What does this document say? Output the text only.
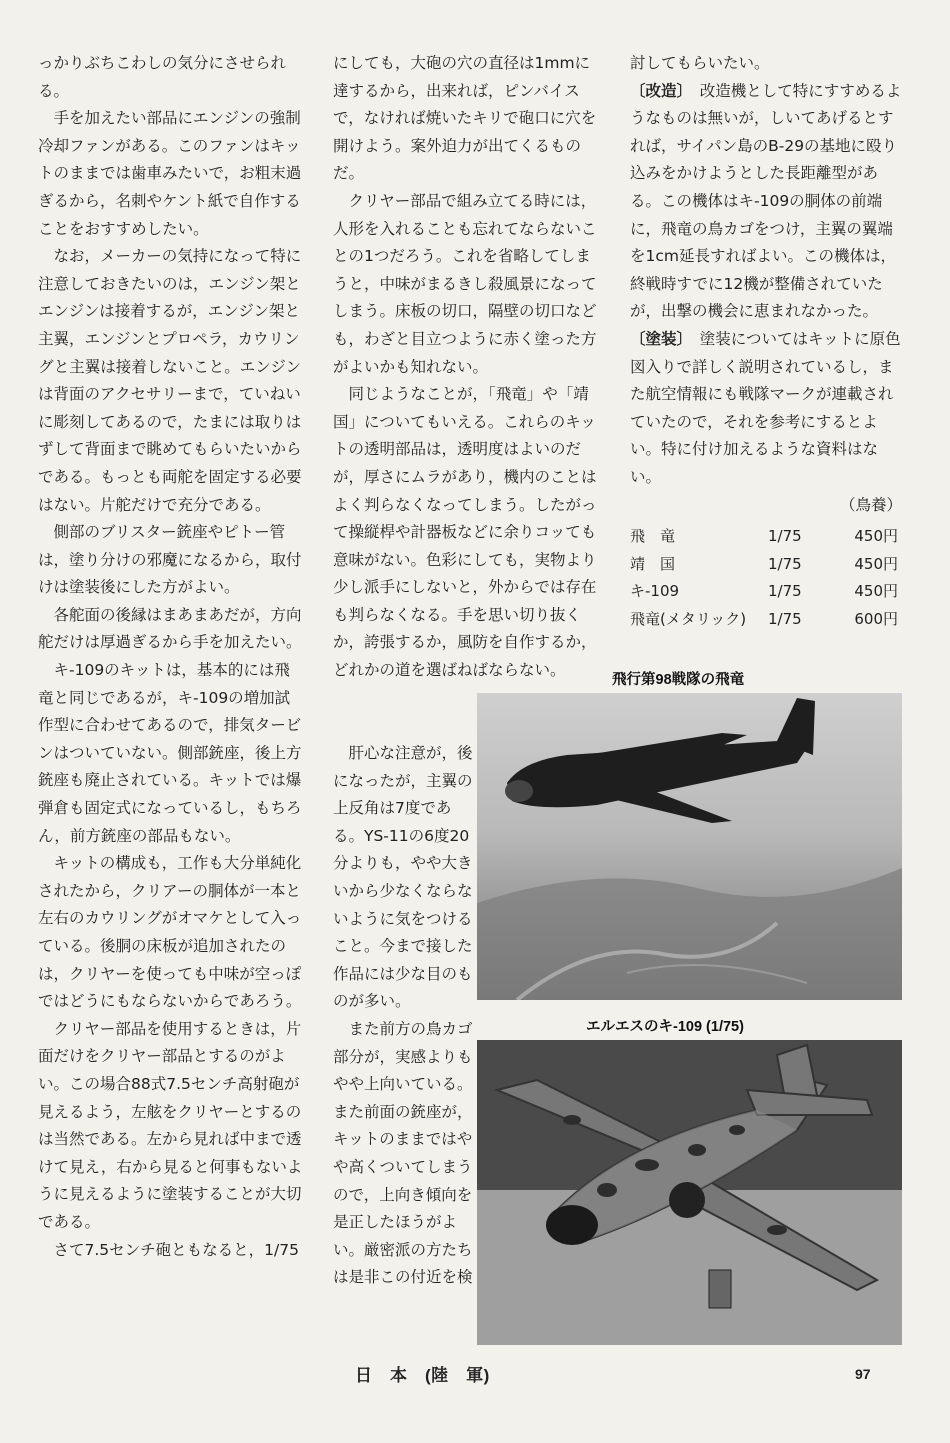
っかりぶちこわしの気分にさせられる。

手を加えたい部品にエンジンの強制冷却ファンがある。このファンはキットのままでは歯車みたいで，お粗末過ぎるから，名刺やケント紙で自作することをおすすめしたい。

なお，メーカーの気持になって特に注意しておきたいのは，エンジン架とエンジンは接着するが，エンジン架と主翼，エンジンとプロペラ，カウリングと主翼は接着しないこと。エンジンは背面のアクセサリーまで，ていねいに彫刻してあるので，たまには取りはずして背面まで眺めてもらいたいからである。もっとも両舵を固定する必要はない。片舵だけで充分である。

側部のブリスター銃座やピトー管は，塗り分けの邪魔になるから，取付けは塗装後にした方がよい。

各舵面の後縁はまあまあだが，方向舵だけは厚過ぎるから手を加えたい。

キ-109のキットは，基本的には飛竜と同じであるが，キ-109の増加試作型に合わせてあるので，排気タービンはついていない。側部銃座，後上方銃座も廃止されている。キットでは爆弾倉も固定式になっているし，もちろん，前方銃座の部品もない。

キットの構成も，工作も大分単純化されたから，クリアーの胴体が一本と左右のカウリングがオマケとして入っている。後胴の床板が追加されたのは，クリヤーを使っても中味が空っぽではどうにもならないからであろう。

クリヤー部品を使用するときは，片面だけをクリヤー部品とするのがよい。この場合88式7.5センチ高射砲が見えるよう，左舷をクリヤーとするのは当然である。左から見れば中まで透けて見え，右から見ると何事もないように見えるように塗装することが大切である。

さて7.5センチ砲ともなると，1/75

にしても，大砲の穴の直径は1mmに達するから，出来れば，ピンバイスで，なければ焼いたキリで砲口に穴を開けよう。案外迫力が出てくるものだ。

クリヤー部品で組み立てる時には，人形を入れることも忘れてならないことの1つだろう。これを省略してしまうと，中味がまるきし殺風景になってしまう。床板の切口，隔壁の切口なども，わざと目立つように赤く塗った方がよいかも知れない。

同じようなことが，「飛竜」や「靖国」についてもいえる。これらのキットの透明部品は，透明度はよいのだが，厚さにムラがあり，機内のことはよく判らなくなってしまう。したがって操縦桿や計器板などに余りコッても意味がない。色彩にしても，実物より少し派手にしないと，外からでは存在も判らなくなる。手を思い切り抜くか，誇張するか，風防を自作するか，どれかの道を選ばねばならない。

肝心な注意が，後になったが，主翼の上反角は7度である。YS-11の6度20分よりも，やや大きいから少なくならないように気をつけること。今まで接した作品には少な目のものが多い。

また前方の鳥カゴ部分が，実感よりもやや上向いている。また前面の銃座が，キットのままではやや高くついてしまうので，上向き傾向を是正したほうがよい。厳密派の方たちは是非この付近を検

討してもらいたい。

〔改造〕　 改造機として特にすすめるようなものは無いが，しいてあげるとすれば，サイパン島のB-29の基地に殴り込みをかけようとした長距離型がある。この機体はキ-109の胴体の前端に，飛竜の鳥カゴをつけ，主翼の翼端を1cm延長すればよい。この機体は，終戦時すでに12機が整備されていたが，出撃の機会に恵まれなかった。

〔塗装〕　 塗装についてはキットに原色図入りで詳しく説明されているし，また航空情報にも戦隊マークが連載されていたので，それを参考にするとよい。特に付け加えるような資料はない。

（鳥養）
飛　竜	1/75	450円
靖　国	1/75	450円
キ-109	1/75	450円
飛竜(メタリック)	1/75	600円
飛行第98戦隊の飛竜
エルエスのキ-109 (1/75)
日　本　(陸　軍)	97
